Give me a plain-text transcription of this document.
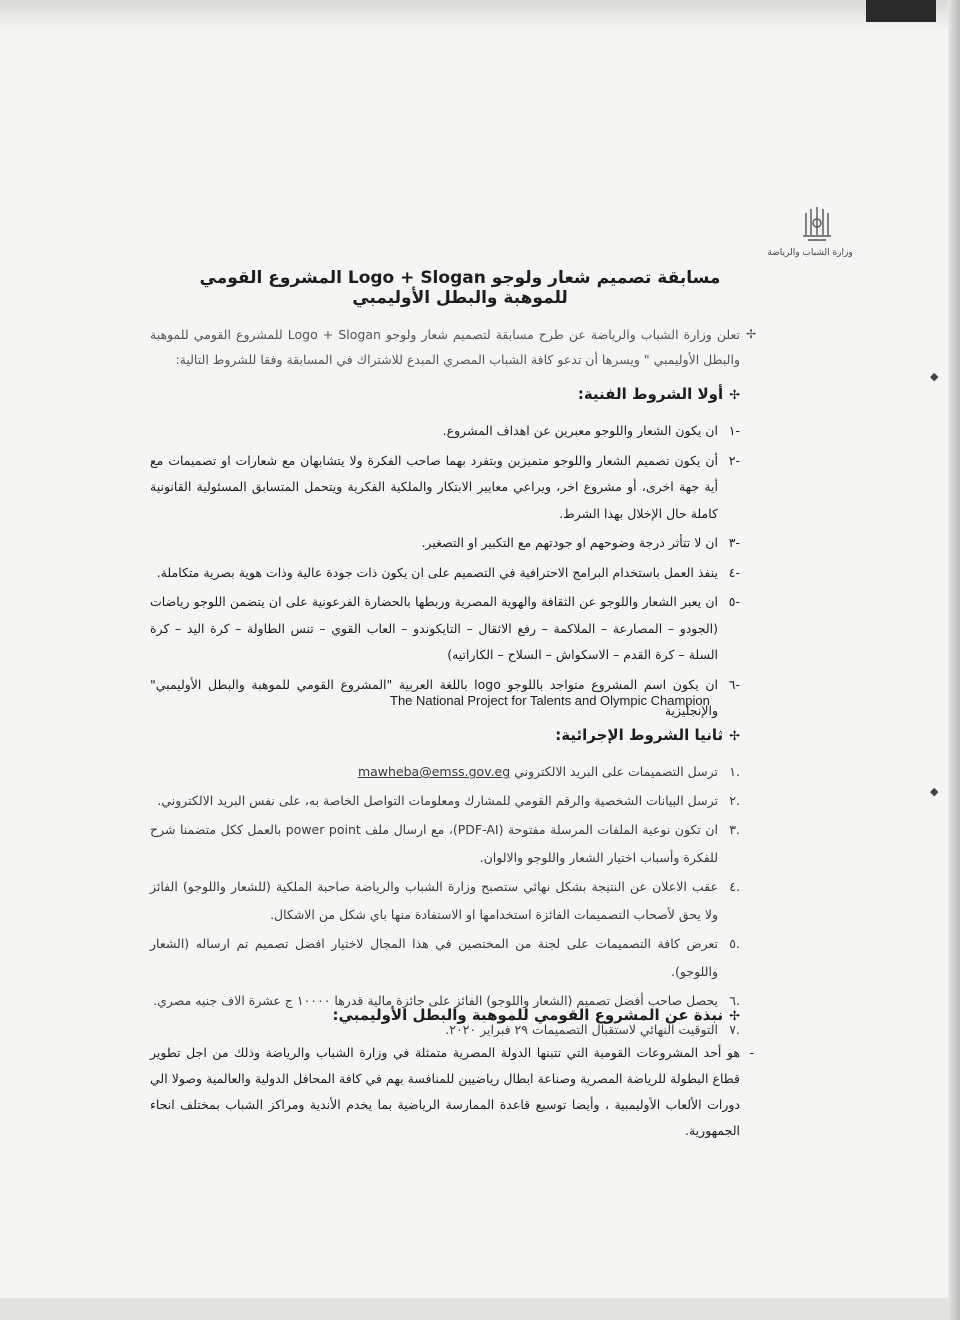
وزارة الشباب والرياضة
مسابقة تصميم شعار ولوجو Logo + Slogan المشروع القومي للموهبة والبطل الأوليمبي
✢
تعلن وزارة الشباب والرياضة عن طرح مسابقة لتصميم شعار ولوجو Logo + Slogan للمشروع القومي للموهبة والبطل الأوليمبي " ويسرها أن تدعو كافة الشباب المصري المبدع للاشتراك في المسابقة وفقا للشروط التالية:
✢أولا الشروط الفنية:
-١
ان يكون الشعار واللوجو معبرين عن اهداف المشروع.
-٢
أن يكون تصميم الشعار واللوجو متميزين وبتفرد بهما صاحب الفكرة ولا يتشابهان مع شعارات او تصميمات مع أية جهة اخرى، أو مشروع اخر، ويراعي معايير الابتكار والملكية الفكرية ويتحمل المتسابق المسئولية القانونية كاملة حال الإخلال بهذا الشرط.
-٣
ان لا تتأثر درجة وضوحهم او جودتهم مع التكبير او التصغير.
-٤
ينفذ العمل باستخدام البرامج الاحترافية في التصميم على ان يكون ذات جودة عالية وذات هوية بصرية متكاملة.
-٥
ان يعبر الشعار واللوجو عن الثقافة والهوية المصرية وربطها بالحضارة الفرعونية على ان يتضمن اللوجو رياضات (الجودو – المصارعة – الملاكمة – رفع الاثقال – التايكوندو – العاب القوي – تنس الطاولة – كرة اليد – كرة السلة – كرة القدم – الاسكواش – السلاح – الكاراتيه)
-٦
ان يكون اسم المشروع متواجد باللوجو logo باللغة العربية "المشروع القومي للموهبة والبطل الأوليمبي" والإنجليزية
The National Project for Talents and Olympic Champion
✢ثانيا الشروط الإجرائية:
.١
ترسل التصميمات على البريد الالكتروني mawheba@emss.gov.eg
.٢
ترسل البيانات الشخصية والرقم القومي للمشارك ومعلومات التواصل الخاصة به، على نفس البريد الالكتروني.
.٣
ان تكون نوعية الملفات المرسلة مفتوحة (PDF-AI)، مع ارسال ملف power point بالعمل ككل متضمنا شرح للفكرة وأسباب اختيار الشعار واللوجو والالوان.
.٤
عقب الاعلان عن النتيجة بشكل نهائي ستصبح وزارة الشباب والرياضة صاحبة الملكية (للشعار واللوجو) الفائز ولا يحق لأصحاب التصميمات الفائزة استخدامها او الاستفادة منها باي شكل من الاشكال.
.٥
تعرض كافة التصميمات على لجنة من المختصين في هذا المجال لاختيار افضل تصميم تم ارساله (الشعار واللوجو).
.٦
يحصل صاحب أفضل تصميم (الشعار واللوجو) الفائز على جائزة مالية قدرها ١٠٠٠٠ ج عشرة الاف جنيه مصري.
.٧
التوقيت النهائي لاستقبال التصميمات ٢٩ فبراير ٢٠٢٠.
✢نبذة عن المشروع القومي للموهبة والبطل الأوليمبي:
-
هو أحد المشروعات القومية التي تتبنها الدولة المصرية متمثلة في وزارة الشباب والرياضة وذلك من اجل تطوير قطاع البطولة للرياضة المصرية وصناعة ابطال رياضيين للمنافسة بهم في كافة المحافل الدولية والعالمية وصولا الي دورات الألعاب الأوليمبية ، وأيضا توسيع قاعدة الممارسة الرياضية بما يخدم الأندية ومراكز الشباب بمختلف انحاء الجمهورية.
◆
◆
